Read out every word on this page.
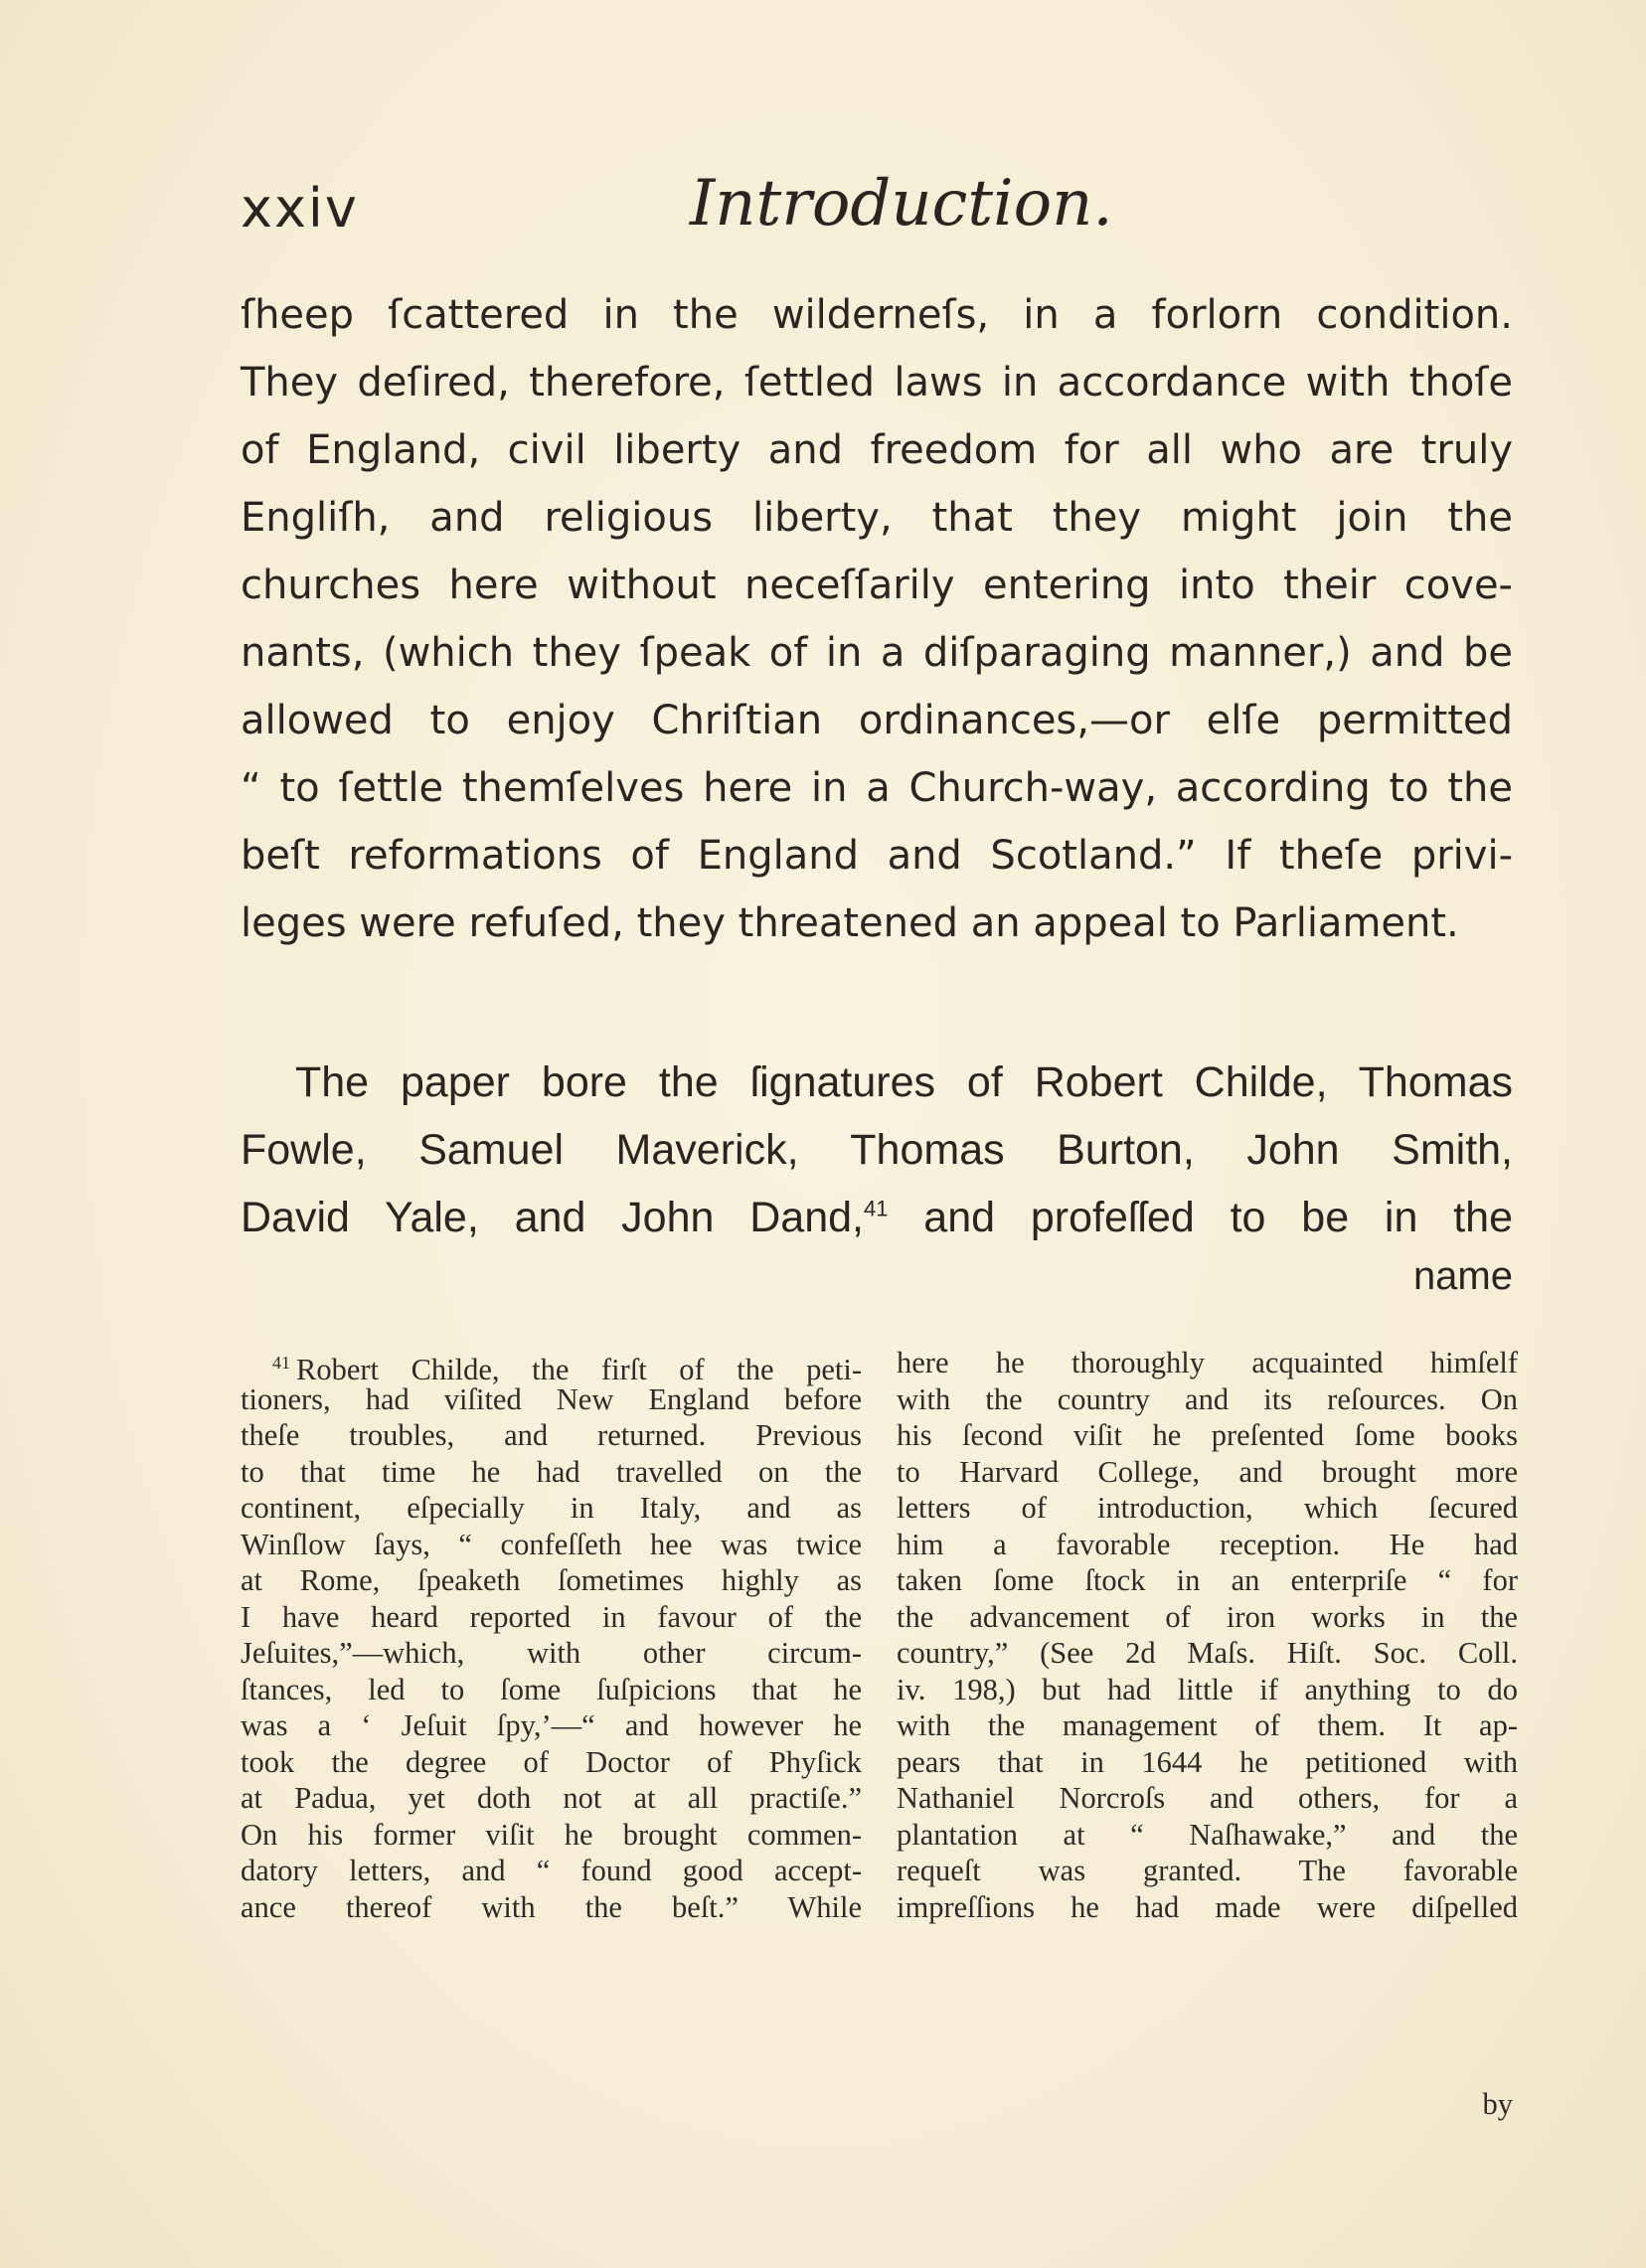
xxiv	Introduction.
ſheep ſcattered in the wilderneſs, in a forlorn condition.
They deſired, therefore, ſettled laws in accordance with thoſe
of England, civil liberty and freedom for all who are truly
Engliſh, and religious liberty, that they might join the
churches here without neceſſarily entering into their cove-
nants, (which they ſpeak of in a diſparaging manner,) and be
allowed to enjoy Chriſtian ordinances,—or elſe permitted
“ to ſettle themſelves here in a Church-way, according to the
beſt reformations of England and Scotland.” If theſe privi-
leges were refuſed, they threatened an appeal to Parliament.
The paper bore the ſignatures of Robert Childe, Thomas
Fowle, Samuel Maverick, Thomas Burton, John Smith,
David Yale, and John Dand,$^{41}$ and profeſſed to be in the
name
$^{41}$ Robert Childe, the firſt of the peti-
tioners, had viſited New England before
theſe troubles, and returned. Previous
to that time he had travelled on the
continent, eſpecially in Italy, and as
Winſlow ſays, “ confeſſeth hee was twice
at Rome, ſpeaketh ſometimes highly as
I have heard reported in favour of the
Jeſuites,”—which, with other circum-
ſtances, led to ſome ſuſpicions that he
was a ‘ Jeſuit ſpy,’—“ and however he
took the degree of Doctor of Phyſick
at Padua, yet doth not at all practiſe.”
On his former viſit he brought commen-
datory letters, and “ found good accept-
ance thereof with the beſt.” While
here he thoroughly acquainted himſelf
with the country and its reſources. On
his ſecond viſit he preſented ſome books
to Harvard College, and brought more
letters of introduction, which ſecured
him a favorable reception. He had
taken ſome ſtock in an enterpriſe “ for
the advancement of iron works in the
country,” (See 2d Maſs. Hiſt. Soc. Coll.
iv. 198,) but had little if anything to do
with the management of them. It ap-
pears that in 1644 he petitioned with
Nathaniel Norcroſs and others, for a
plantation at “ Naſhawake,” and the
requeſt was granted. The favorable
impreſſions he had made were diſpelled
by
